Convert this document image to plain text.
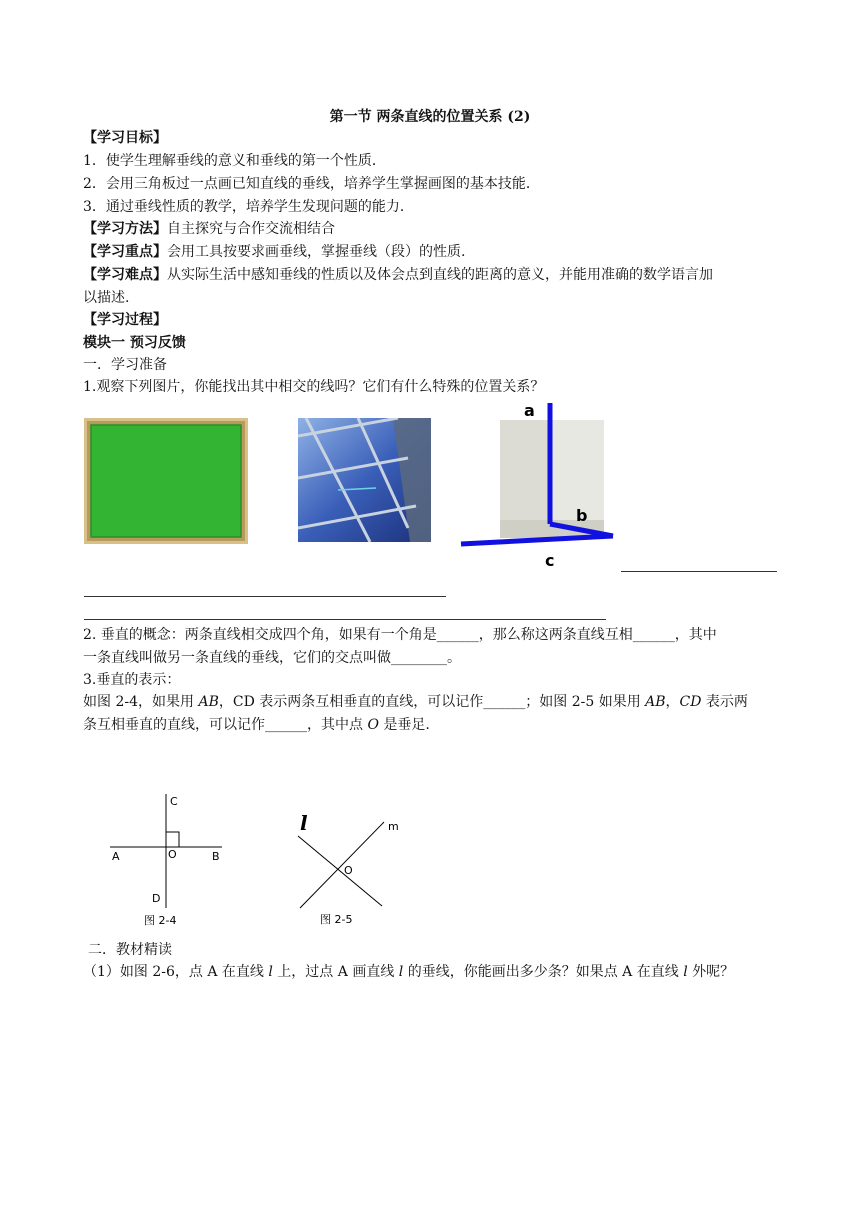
第一节 两条直线的位置关系 (2)
【学习目标】
1．使学生理解垂线的意义和垂线的第一个性质．
2．会用三角板过一点画已知直线的垂线，培养学生掌握画图的基本技能．
3．通过垂线性质的教学，培养学生发现问题的能力．
【学习方法】自主探究与合作交流相结合
【学习重点】会用工具按要求画垂线，掌握垂线（段）的性质.
【学习难点】从实际生活中感知垂线的性质以及体会点到直线的距离的意义，并能用准确的数学语言加
以描述.
【学习过程】
模块一 预习反馈
一．学习准备
1.观察下列图片，你能找出其中相交的线吗？它们有什么特殊的位置关系？
a
b
c
2. 垂直的概念：两条直线相交成四个角，如果有一个角是______，那么称这两条直线互相______，其中
一条直线叫做另一条直线的垂线，它们的交点叫做________。
3.垂直的表示：
如图 2-4，如果用 AB，CD 表示两条互相垂直的直线，可以记作______；如图 2-5 如果用 AB，CD 表示两
条互相垂直的直线，可以记作______，其中点 O 是垂足.
A	B
C
D
O
图 2-4
l	m
O
图 2-5
二．教材精读
（1）如图 2-6，点 A 在直线 l 上，过点 A 画直线 l 的垂线，你能画出多少条？如果点 A 在直线 l 外呢？
